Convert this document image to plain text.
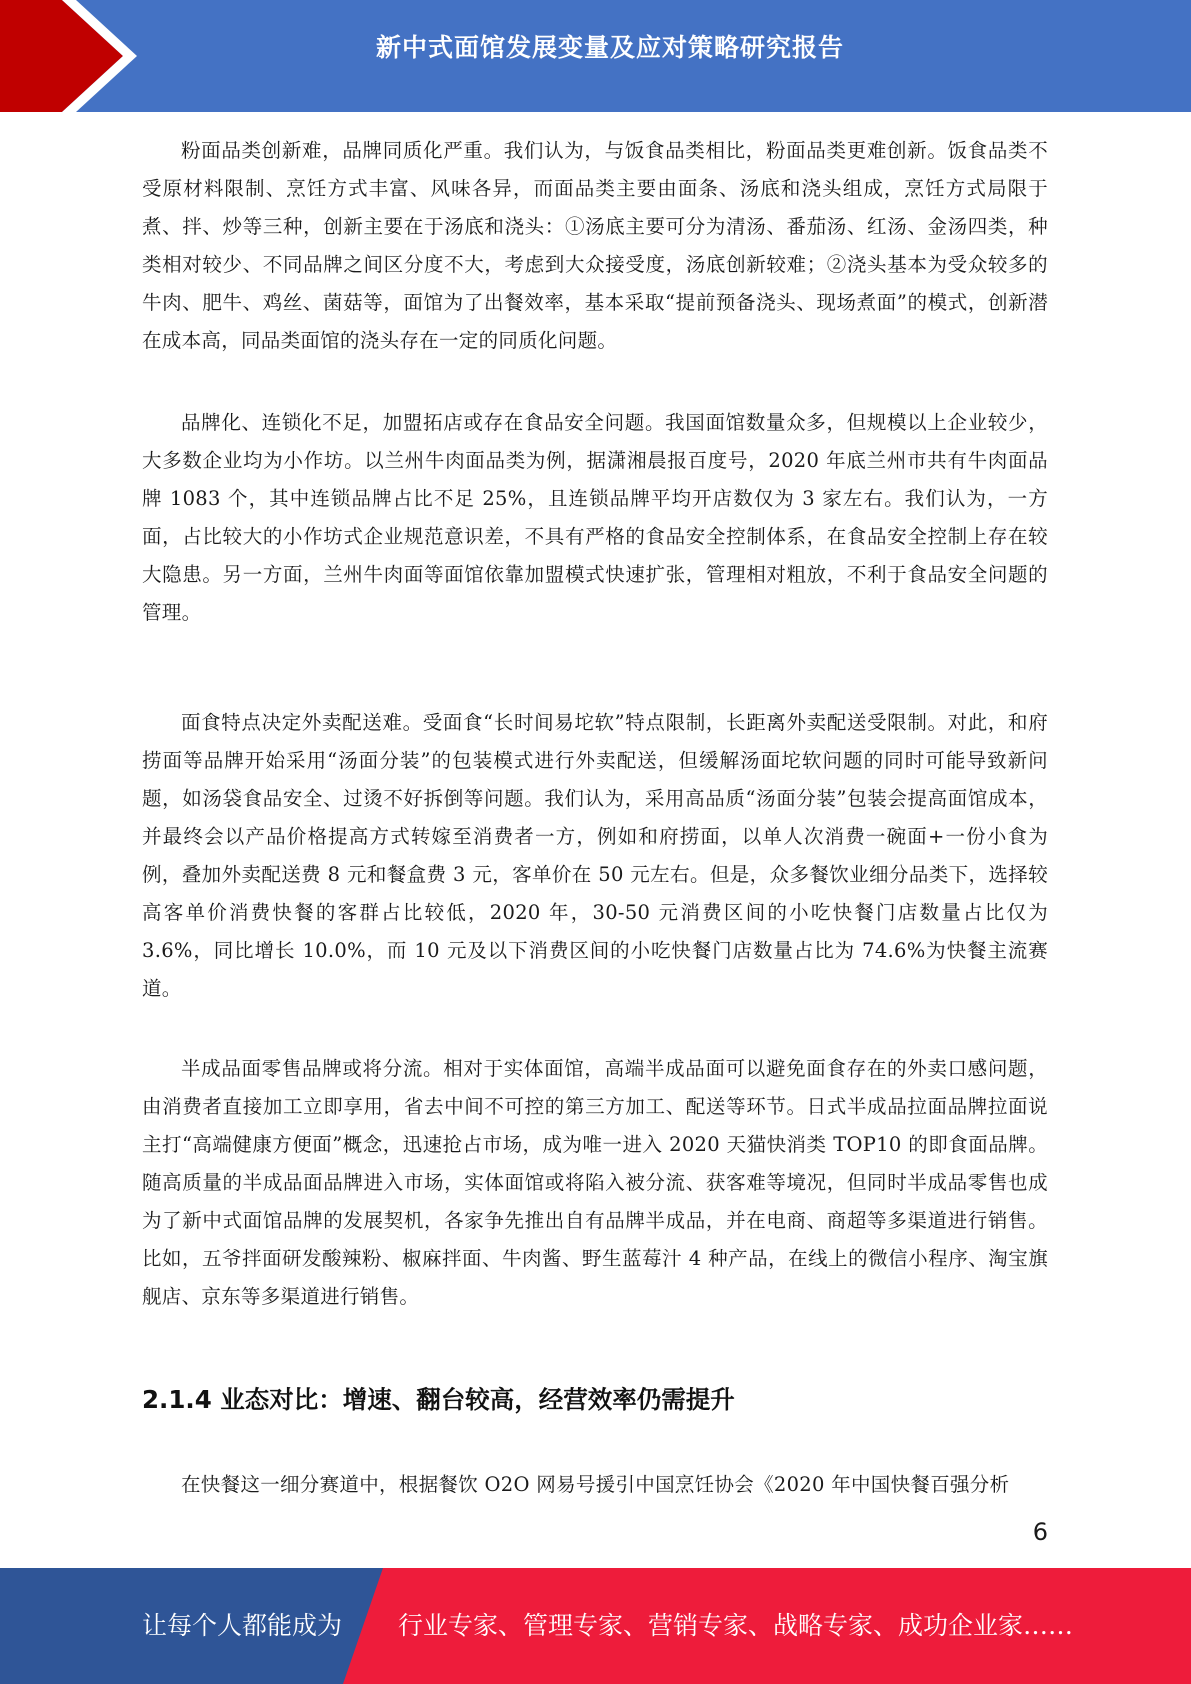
新中式面馆发展变量及应对策略研究报告

粉面品类创新难，品牌同质化严重。我们认为，与饭食品类相比，粉面品类更难创新。饭食品类不受原材料限制、烹饪方式丰富、风味各异，而面品类主要由面条、汤底和浇头组成，烹饪方式局限于煮、拌、炒等三种，创新主要在于汤底和浇头：①汤底主要可分为清汤、番茄汤、红汤、金汤四类，种类相对较少、不同品牌之间区分度不大，考虑到大众接受度，汤底创新较难；②浇头基本为受众较多的牛肉、肥牛、鸡丝、菌菇等，面馆为了出餐效率，基本采取“提前预备浇头、现场煮面”的模式，创新潜在成本高，同品类面馆的浇头存在一定的同质化问题。

品牌化、连锁化不足，加盟拓店或存在食品安全问题。我国面馆数量众多，但规模以上企业较少，大多数企业均为小作坊。以兰州牛肉面品类为例，据潇湘晨报百度号，2020 年底兰州市共有牛肉面品牌 1083 个，其中连锁品牌占比不足 25%，且连锁品牌平均开店数仅为 3 家左右。我们认为，一方面，占比较大的小作坊式企业规范意识差，不具有严格的食品安全控制体系，在食品安全控制上存在较大隐患。另一方面，兰州牛肉面等面馆依靠加盟模式快速扩张，管理相对粗放，不利于食品安全问题的管理。

面食特点决定外卖配送难。受面食“长时间易坨软”特点限制，长距离外卖配送受限制。对此，和府捞面等品牌开始采用“汤面分装”的包装模式进行外卖配送，但缓解汤面坨软问题的同时可能导致新问题，如汤袋食品安全、过烫不好拆倒等问题。我们认为，采用高品质“汤面分装”包装会提高面馆成本，并最终会以产品价格提高方式转嫁至消费者一方，例如和府捞面，以单人次消费一碗面+一份小食为例，叠加外卖配送费 8 元和餐盒费 3 元，客单价在 50 元左右。但是，众多餐饮业细分品类下，选择较高客单价消费快餐的客群占比较低，2020 年，30-50 元消费区间的小吃快餐门店数量占比仅为 3.6%，同比增长 10.0%，而 10 元及以下消费区间的小吃快餐门店数量占比为 74.6%为快餐主流赛道。

半成品面零售品牌或将分流。相对于实体面馆，高端半成品面可以避免面食存在的外卖口感问题，由消费者直接加工立即享用，省去中间不可控的第三方加工、配送等环节。日式半成品拉面品牌拉面说主打“高端健康方便面”概念，迅速抢占市场，成为唯一进入 2020 天猫快消类 TOP10 的即食面品牌。随高质量的半成品面品牌进入市场，实体面馆或将陷入被分流、获客难等境况，但同时半成品零售也成为了新中式面馆品牌的发展契机，各家争先推出自有品牌半成品，并在电商、商超等多渠道进行销售。比如，五爷拌面研发酸辣粉、椒麻拌面、牛肉酱、野生蓝莓汁 4 种产品，在线上的微信小程序、淘宝旗舰店、京东等多渠道进行销售。

2.1.4 业态对比：增速、翻台较高，经营效率仍需提升

在快餐这一细分赛道中，根据餐饮 O2O 网易号援引中国烹饪协会《2020 年中国快餐百强分析

6
让每个人都能成为 行业专家、管理专家、营销专家、战略专家、成功企业家……
